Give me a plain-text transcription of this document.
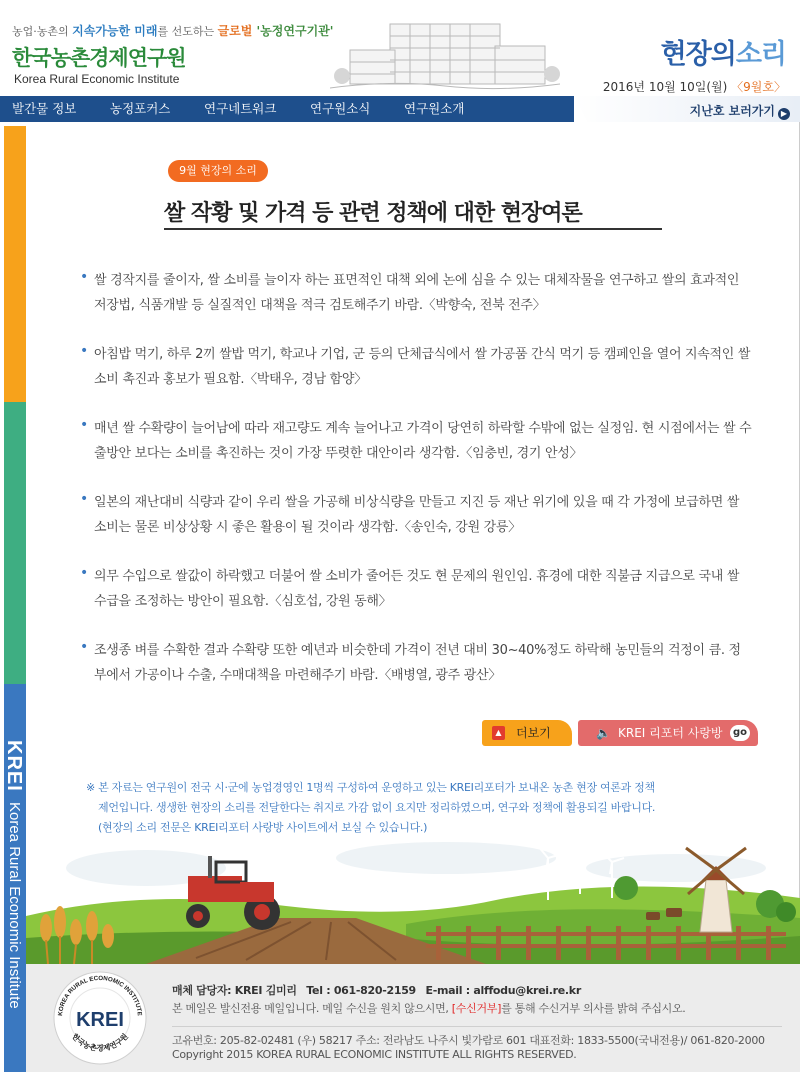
농업·농촌의 지속가능한 미래를 선도하는 글로벌 '농정연구기관'
한국농촌경제연구원
Korea Rural Economic Institute
현장의소리
2016년 10월 10일(월) 〈9월호〉
발간물 정보	농정포커스	연구네트워크	연구원소식	연구원소개	지난호 보러가기 ▶
KREI Korea Rural Economic Institute
9월 현장의 소리
쌀 작황 및 가격 등 관련 정책에 대한 현장여론
• 쌀 경작지를 줄이자, 쌀 소비를 늘이자 하는 표면적인 대책 외에 논에 심을 수 있는 대체작물을 연구하고 쌀의 효과적인 저장법, 식품개발 등 실질적인 대책을 적극 검토해주기 바람.〈박향숙, 전북 전주〉
• 아침밥 먹기, 하루 2끼 쌀밥 먹기, 학교나 기업, 군 등의 단체급식에서 쌀 가공품 간식 먹기 등 캠페인을 열어 지속적인 쌀 소비 촉진과 홍보가 필요함.〈박태우, 경남 함양〉
• 매년 쌀 수확량이 늘어남에 따라 재고량도 계속 늘어나고 가격이 당연히 하락할 수밖에 없는 실정임. 현 시점에서는 쌀 수출방안 보다는 소비를 촉진하는 것이 가장 뚜렷한 대안이라 생각함.〈임충빈, 경기 안성〉
• 일본의 재난대비 식량과 같이 우리 쌀을 가공해 비상식량을 만들고 지진 등 재난 위기에 있을 때 각 가정에 보급하면 쌀 소비는 물론 비상상황 시 좋은 활용이 될 것이라 생각함.〈송인숙, 강원 강릉〉
• 의무 수입으로 쌀값이 하락했고 더불어 쌀 소비가 줄어든 것도 현 문제의 원인임. 휴경에 대한 직불금 지급으로 국내 쌀 수급을 조정하는 방안이 필요함.〈심호섭, 강원 동해〉
• 조생종 벼를 수확한 결과 수확량 또한 예년과 비슷한데 가격이 전년 대비 30~40%정도 하락해 농민들의 걱정이 큼. 정부에서 가공이나 수출, 수매대책을 마련해주기 바람.〈배병열, 광주 광산〉
▲ 더보기	🔈 KREI 리포터 사랑방 go
※ 본 자료는 연구원이 전국 시·군에 농업경영인 1명씩 구성하여 운영하고 있는 KREI리포터가 보내온 농촌 현장 여론과 정책
제언입니다. 생생한 현장의 소리를 전달한다는 취지로 가감 없이 요지만 정리하였으며, 연구와 정책에 활용되길 바랍니다.
(현장의 소리 전문은 KREI리포터 사랑방 사이트에서 보실 수 있습니다.)
KOREA RURAL ECONOMIC INSTITUTE
한국농촌경제연구원
KREI
매체 담당자: KREI 김미리 Tel : 061-820-2159 E-mail : alffodu@krei.re.kr
본 메일은 발신전용 메일입니다. 메일 수신을 원치 않으시면, [수신거부]를 통해 수신거부 의사를 밝혀 주십시오.
고유번호: 205-82-02481 (우) 58217 주소: 전라남도 나주시 빛가람로 601 대표전화: 1833-5500(국내전용)/ 061-820-2000
Copyright 2015 KOREA RURAL ECONOMIC INSTITUTE ALL RIGHTS RESERVED.
